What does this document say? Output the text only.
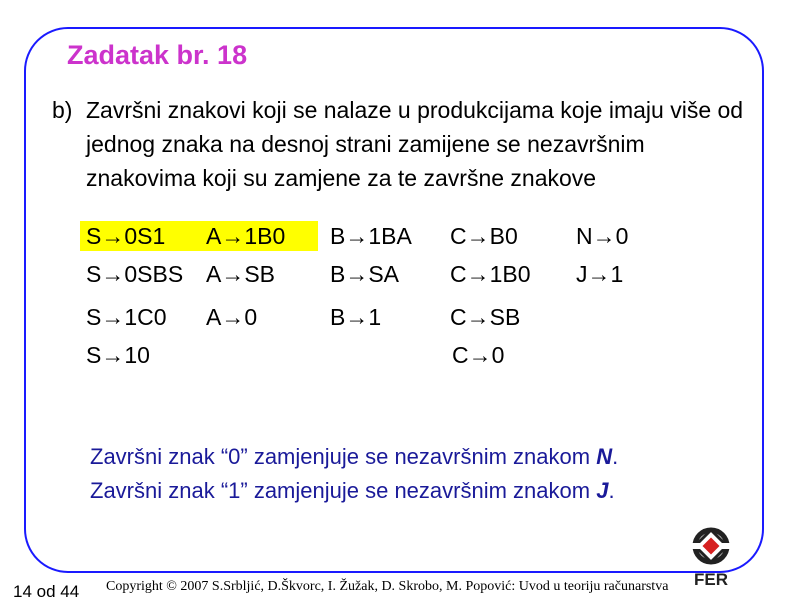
Zadatak br. 18
b) Završni znakovi koji se nalaze u produkcijama koje imaju više od jednog znaka na desnoj strani zamijene se nezavršnim znakovima koji su zamjene za te završne znakove
S→0S1	A→1B0	B→1BA C→B0	N→0
S→0SBS A→SB B→SA C→1B0 J→1
S→1C0 A→0	B→1	C→SB
S→10	C→0
Završni znak “0” zamjenjuje se nezavršnim znakom N.
Završni znak “1” zamjenjuje se nezavršnim znakom J.
14 od 44 Copyright © 2007 S.Srbljić, D.Škvorc, I. Žužak, D. Skrobo, M. Popović: Uvod u teoriju računarstva FER
